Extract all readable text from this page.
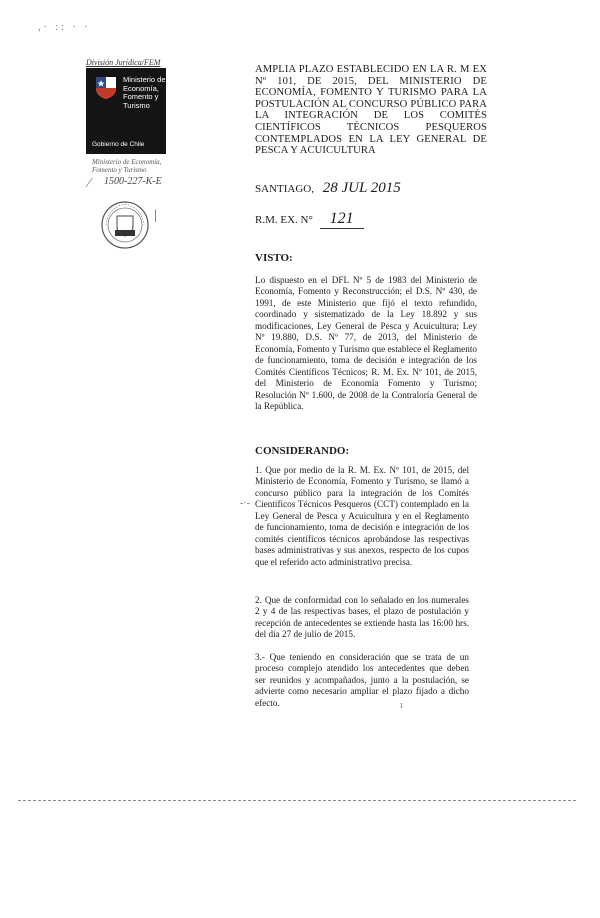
,· :: · ·
División Jurídica/FEM
Ministerio de
Economía,
Fomento y
Turismo
Gobierno de Chile
Ministerio de Economía,
Fomento y Turismo
⁄ 1500-227-K-E
|
AMPLIA PLAZO ESTABLECIDO EN LA R. M EX Nº 101, DE 2015, DEL MINISTERIO DE ECONOMÍA, FOMENTO Y TURISMO PARA LA POSTULACIÓN AL CONCURSO PÚBLICO PARA LA INTEGRACIÓN DE LOS COMITÉS CIENTÍFICOS TÉCNICOS PESQUEROS CONTEMPLADOS EN LA LEY GENERAL DE PESCA Y ACUICULTURA
SANTIAGO, 28 JUL 2015
R.M. EX. N° 121
VISTO:
Lo dispuesto en el DFL Nº 5 de 1983 del Ministerio de Economía, Fomento y Reconstrucción; el D.S. Nº 430, de 1991, de este Ministerio que fijó el texto refundido, coordinado y sistematizado de la Ley 18.892 y sus modificaciones, Ley General de Pesca y Acuicultura; Ley Nº 19.880, D.S. Nº 77, de 2013, del Ministerio de Economía, Fomento y Turismo que establece el Reglamento de funcionamiento, toma de decisión e integración de los Comités Científicos Técnicos; R. M. Ex. Nº 101, de 2015, del Ministerio de Economía Fomento y Turismo; Resolución Nº 1.600, de 2008 de la Contraloría General de la República.
CONSIDERANDO:
1. Que por medio de la R. M. Ex. Nº 101, de 2015, del Ministerio de Economía, Fomento y Turismo, se llamó a concurso público para la integración de los Comités Científicos Técnicos Pesqueros (CCT) contemplado en la Ley General de Pesca y Acuicultura y en el Reglamento de funcionamiento, toma de decisión e integración de los comités científicos técnicos aprobándose las respectivas bases administrativas y sus anexos, respecto de los cupos que el referido acto administrativo precisa.
2. Que de conformidad con lo señalado en los numerales 2 y 4 de las respectivas bases, el plazo de postulación y recepción de antecedentes se extiende hasta las 16:00 hrs. del día 27 de julio de 2015.
3.- Que teniendo en consideración que se trata de un proceso complejo atendido los antecedentes que deben ser reunidos y acompañados, junto a la postulación, se advierte como necesario ampliar el plazo fijado a dicho efecto.
-·-
ι
